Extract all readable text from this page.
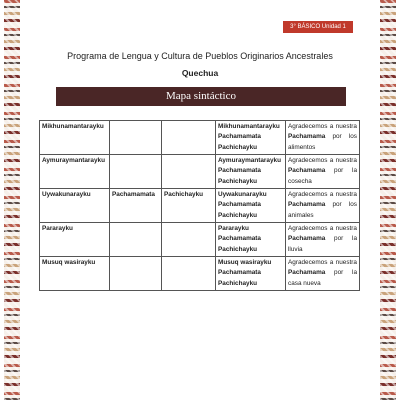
3° BÁSICO Unidad 1
Programa de Lengua y Cultura de Pueblos Originarios Ancestrales
Quechua
Mapa sintáctico
Mikhunamantarayku			Mikhunamantarayku
Pachamamata
Pachichayku	Agradecemos a nuestra Pachamama por los alimentos

Aymuraymantarayku			Aymuraymantarayku
Pachamamata
Pachichayku	Agradecemos a nuestra Pachamama por la cosecha

Uywakunarayku	Pachamamata	Pachichayku	Uywakunarayku
Pachamamata
Pachichayku	Agradecemos a nuestra Pachamama por los animales

Pararayku			Pararayku
Pachamamata
Pachichayku	Agradecemos a nuestra Pachamama por la lluvia

Musuq wasirayku			Musuq wasirayku
Pachamamata
Pachichayku	Agradecemos a nuestra Pachamama por la casa nueva
